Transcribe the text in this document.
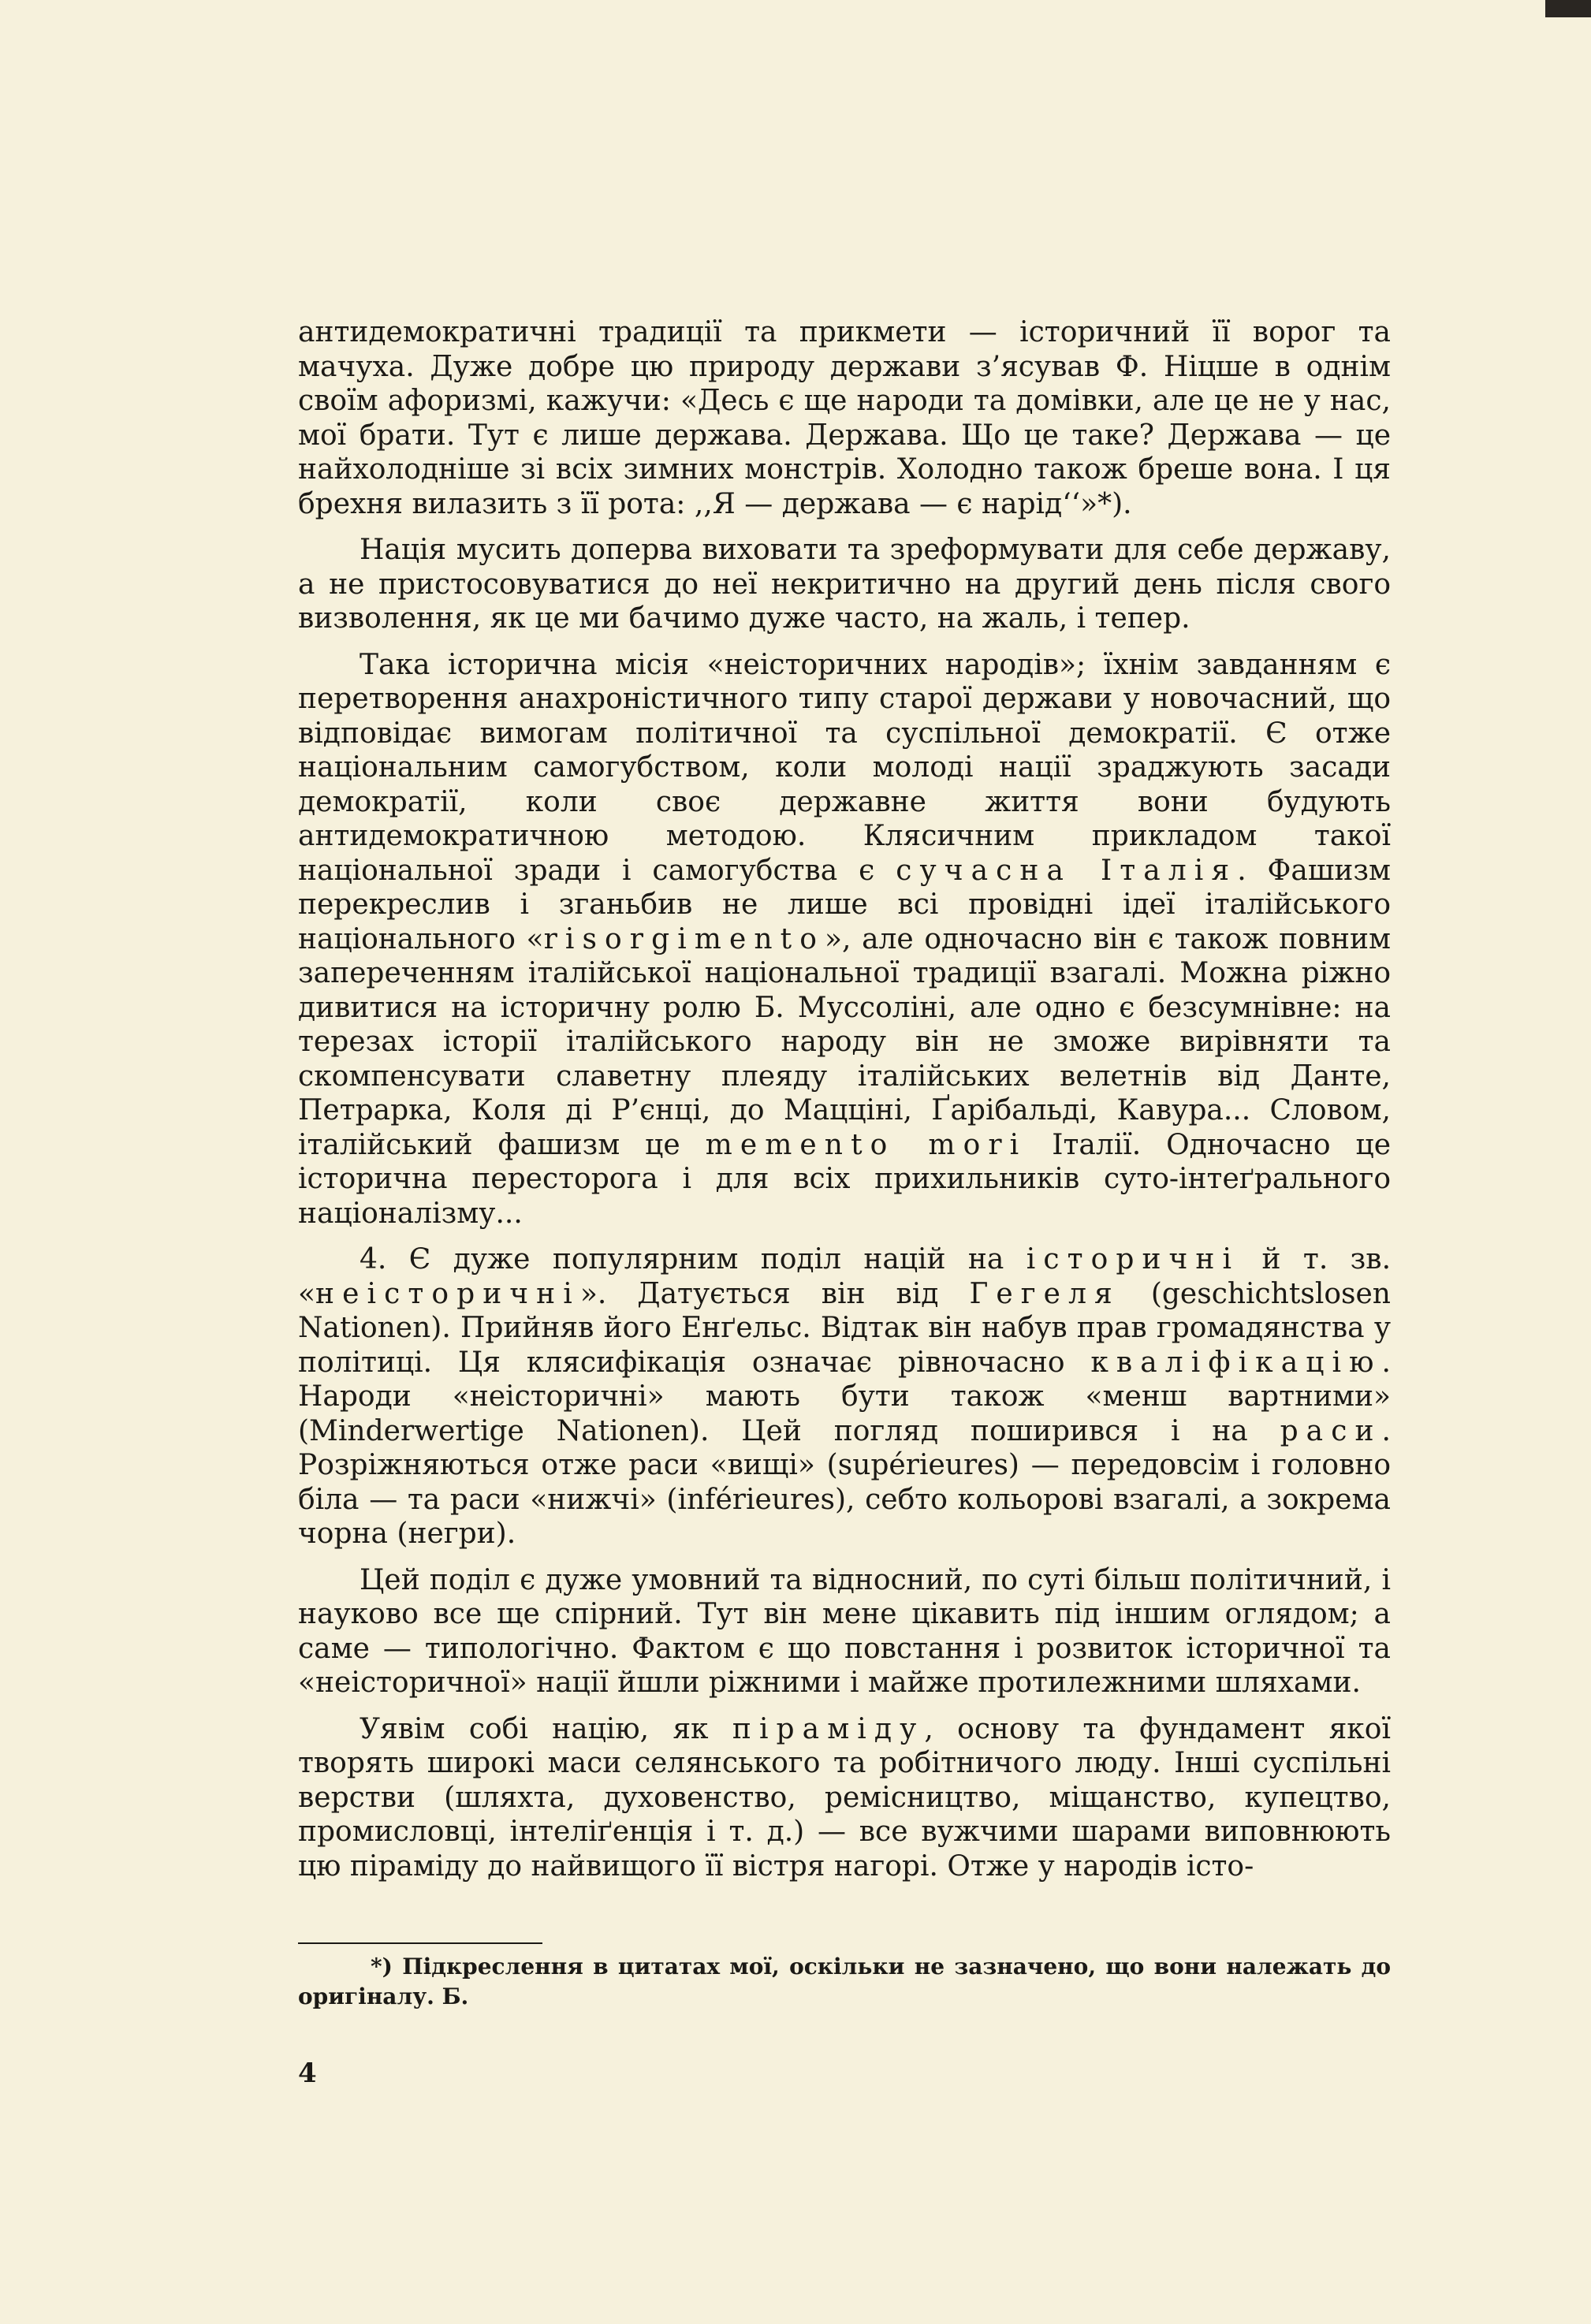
антидемократичні традиції та прикмети — історичний її ворог та мачуха. Дуже добре цю природу держави з’ясував Ф. Ніцше в однім своїм афоризмі, кажучи: «Десь є ще народи та домівки, але це не у нас, мої брати. Тут є лише держава. Держава. Що це таке? Держава — це найхолодніше зі всіх зимних монстрів. Холодно також бреше вона. І ця брехня вилазить з її рота: ,,Я — держава — є нарід‘‘»*).

Нація мусить доперва виховати та зреформувати для себе державу, а не пристосовуватися до неї некритично на другий день після свого визволення, як це ми бачимо дуже часто, на жаль, і тепер.

Така історична місія «неісторичних народів»; їхнім завданням є перетворення анахроністичного типу старої держави у новочасний, що відповідає вимогам політичної та суспільної демократії. Є отже національним самогубством, коли молоді нації зраджують засади демократії, коли своє державне життя вони будують антидемократичною методою. Клясичним прикладом такої національної зради і самогубства є сучасна Італія. Фашизм перекреслив і зганьбив не лише всі провідні ідеї італійського національного «risorgimento», але одночасно він є також повним запереченням італійської національної традиції взагалі. Можна ріжно дивитися на історичну ролю Б. Муссоліні, але одно є безсумнівне: на терезах історії італійського народу він не зможе вирівняти та скомпенсувати славетну плеяду італійських велетнів від Данте, Петрарка, Коля ді Р’єнці, до Мацціні, Ґарібальді, Кавура... Словом, італійський фашизм це memento mori Італії. Одночасно це історична пересторога і для всіх прихильників суто-інтеґрального націоналізму...

4. Є дуже популярним поділ націй на історичні й т. зв. «неісторичні». Датується він від Гегеля (geschichtslosen Nationen). Прийняв його Енґельс. Відтак він набув прав громадянства у політиці. Ця клясифікація означає рівночасно кваліфікацію. Народи «неісторичні» мають бути також «менш вартними» (Minderwertige Nationen). Цей погляд поширився і на раси. Розріжняються отже раси «вищі» (supérieures) — передовсім і головно біла — та раси «нижчі» (inférieures), себто кольорові взагалі, а зокрема чорна (негри).

Цей поділ є дуже умовний та відносний, по суті більш політичний, і науково все ще спірний. Тут він мене цікавить під іншим оглядом; а саме — типологічно. Фактом є що повстання і розвиток історичної та «неісторичної» нації йшли ріжними і майже протилежними шляхами.

Уявім собі націю, як піраміду, основу та фундамент якої творять широкі маси селянського та робітничого люду. Інші суспільні верстви (шляхта, духовенство, ремісництво, міщанство, купецтво, промисловці, інтеліґенція і т. д.) — все вужчими шарами виповнюють цю піраміду до найвищого її вістря нагорі. Отже у народів істо-

*) Підкреслення в цитатах мої, оскільки не зазначено, що вони належать до оригіналу. Б.
4
